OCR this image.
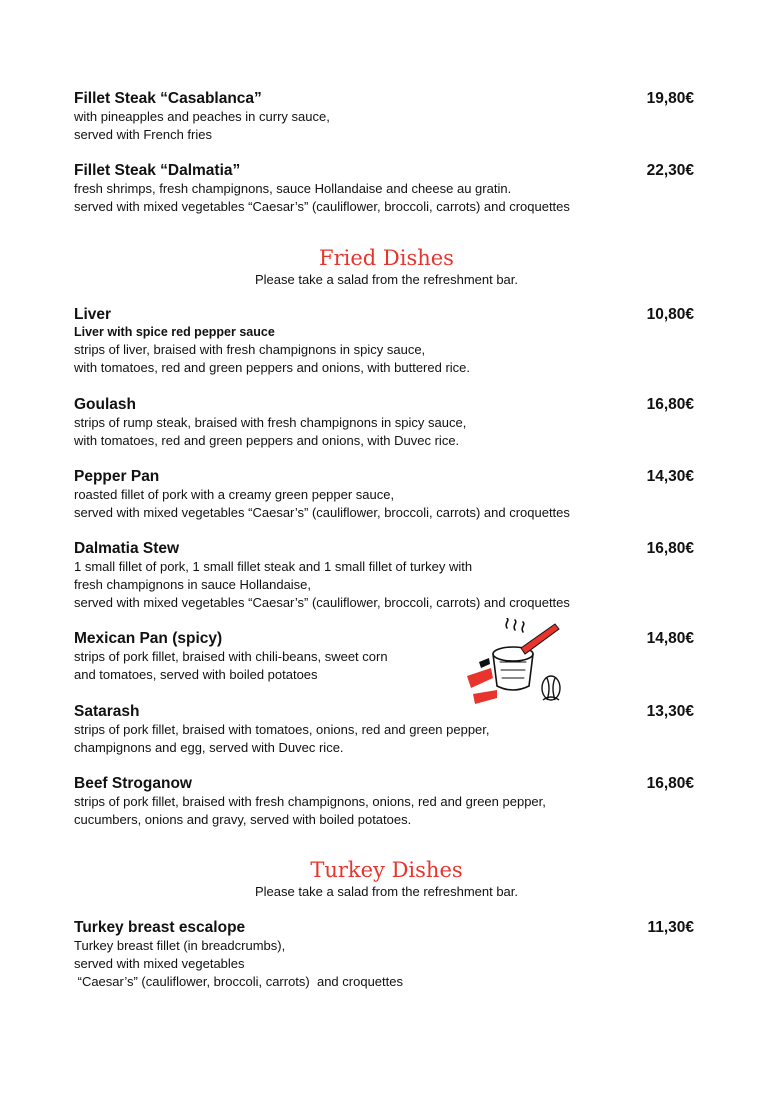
Fillet Steak “Casablanca”	19,80€
with pineapples and peaches in curry sauce,
served with French fries
Fillet Steak “Dalmatia”	22,30€
fresh shrimps, fresh champignons, sauce Hollandaise and cheese au gratin.
served with mixed vegetables “Caesar’s” (cauliflower, broccoli, carrots) and croquettes
Fried Dishes
Please take a salad from the refreshment bar.
Liver	10,80€
Liver with spice red pepper sauce
strips of liver, braised with fresh champignons in spicy sauce,
with tomatoes, red and green peppers and onions, with buttered rice.
Goulash	16,80€
strips of rump steak, braised with fresh champignons in spicy sauce,
with tomatoes, red and green peppers and onions, with Duvec rice.
Pepper Pan	14,30€
roasted fillet of pork with a creamy green pepper sauce,
served with mixed vegetables “Caesar’s” (cauliflower, broccoli, carrots) and croquettes
Dalmatia Stew	16,80€
1 small fillet of pork, 1 small fillet steak and 1 small fillet of turkey with
fresh champignons in sauce Hollandaise,
served with mixed vegetables “Caesar’s” (cauliflower, broccoli, carrots) and croquettes
Mexican Pan (spicy)	14,80€
strips of pork fillet, braised with chili-beans, sweet corn
and tomatoes, served with boiled potatoes
Satarash	13,30€
strips of pork fillet, braised with tomatoes, onions, red and green pepper,
champignons and egg, served with Duvec rice.
Beef Stroganow	16,80€
strips of pork fillet, braised with fresh champignons, onions, red and green pepper,
cucumbers, onions and gravy, served with boiled potatoes.
Turkey Dishes
Please take a salad from the refreshment bar.
Turkey breast escalope	11,30€
Turkey breast fillet (in breadcrumbs),
served with mixed vegetables
“Caesar’s” (cauliflower, broccoli, carrots)  and croquettes
